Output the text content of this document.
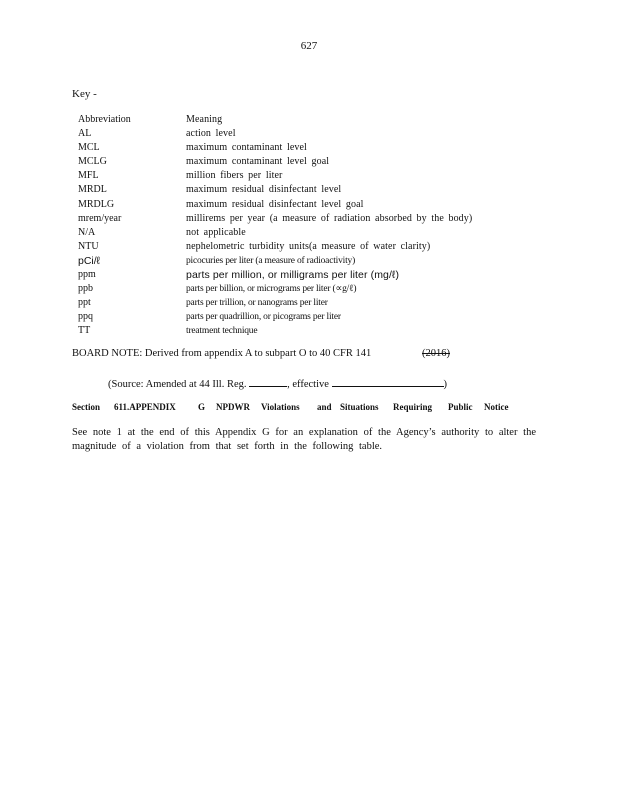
627
Key -
Abbreviation	Meaning
AL	action level
MCL	maximum contaminant level
MCLG	maximum contaminant level goal
MFL	million fibers per liter
MRDL	maximum residual disinfectant level
MRDLG	maximum residual disinfectant level goal
mrem/year	millirems per year (a measure of radiation absorbed by the body)
N/A	not applicable
NTU	nephelometric turbidity units(a measure of water clarity)
pCi/ℓ	picocuries per liter (a measure of radioactivity)
ppm	parts per million, or milligrams per liter (mg/ℓ)
ppb	parts per billion, or micrograms per liter (∝g/ℓ)
ppt	parts per trillion, or nanograms per liter
ppq	parts per quadrillion, or picograms per liter
TT	treatment technique
BOARD NOTE: Derived from appendix A to subpart O to 40 CFR 141	(2016)
(Source: Amended at 44 Ill. Reg.	, effective	)
Section 611.APPENDIX G NPDWR Violations and Situations Requiring Public Notice
See note 1 at the end of this Appendix G for an explanation of the Agency’s authority to alter the magnitude of a violation from that set forth in the following table.
